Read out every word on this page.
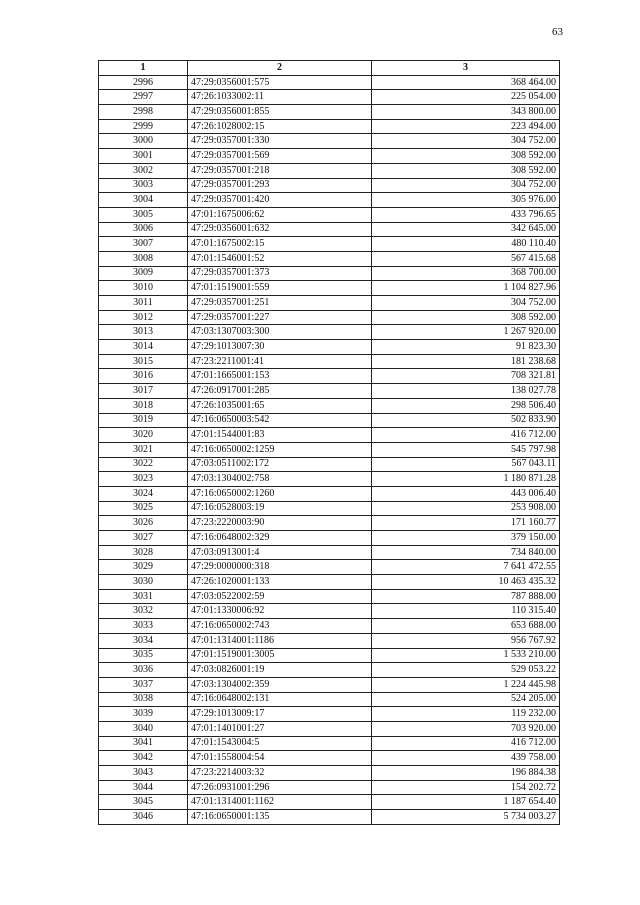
63
1	2	3
2996	47:29:0356001:575	368 464.00
2997	47:26:1033002:11	225 054.00
2998	47:29:0356001:855	343 800.00
2999	47:26:1028002:15	223 494.00
3000	47:29:0357001:330	304 752.00
3001	47:29:0357001:569	308 592.00
3002	47:29:0357001:218	308 592.00
3003	47:29:0357001:293	304 752.00
3004	47:29:0357001:420	305 976.00
3005	47:01:1675006:62	433 796.65
3006	47:29:0356001:632	342 645.00
3007	47:01:1675002:15	480 110.40
3008	47:01:1546001:52	567 415.68
3009	47:29:0357001:373	368 700.00
3010	47:01:1519001:559	1 104 827.96
3011	47:29:0357001:251	304 752.00
3012	47:29:0357001:227	308 592.00
3013	47:03:1307003:300	1 267 920.00
3014	47:29:1013007:30	91 823.30
3015	47:23:2211001:41	181 238.68
3016	47:01:1665001:153	708 321.81
3017	47:26:0917001:285	138 027.78
3018	47:26:1035001:65	298 506.40
3019	47:16:0650003:542	502 833.90
3020	47:01:1544001:83	416 712.00
3021	47:16:0650002:1259	545 797.98
3022	47:03:0511002:172	567 043.11
3023	47:03:1304002:758	1 180 871.28
3024	47:16:0650002:1260	443 006.40
3025	47:16:0528003:19	253 908.00
3026	47:23:2220003:90	171 160.77
3027	47:16:0648002:329	379 150.00
3028	47:03:0913001:4	734 840.00
3029	47:29:0000000:318	7 641 472.55
3030	47:26:1020001:133	10 463 435.32
3031	47:03:0522002:59	787 888.00
3032	47:01:1330006:92	110 315.40
3033	47:16:0650002:743	653 688.00
3034	47:01:1314001:1186	956 767.92
3035	47:01:1519001:3005	1 533 210.00
3036	47:03:0826001:19	529 053.22
3037	47:03:1304002:359	1 224 445.98
3038	47:16:0648002:131	524 205.00
3039	47:29:1013009:17	119 232.00
3040	47:01:1401001:27	703 920.00
3041	47:01:1543004:5	416 712.00
3042	47:01:1558004:54	439 758.00
3043	47:23:2214003:32	196 884.38
3044	47:26:0931001:296	154 202.72
3045	47:01:1314001:1162	1 187 654.40
3046	47:16:0650001:135	5 734 003.27
